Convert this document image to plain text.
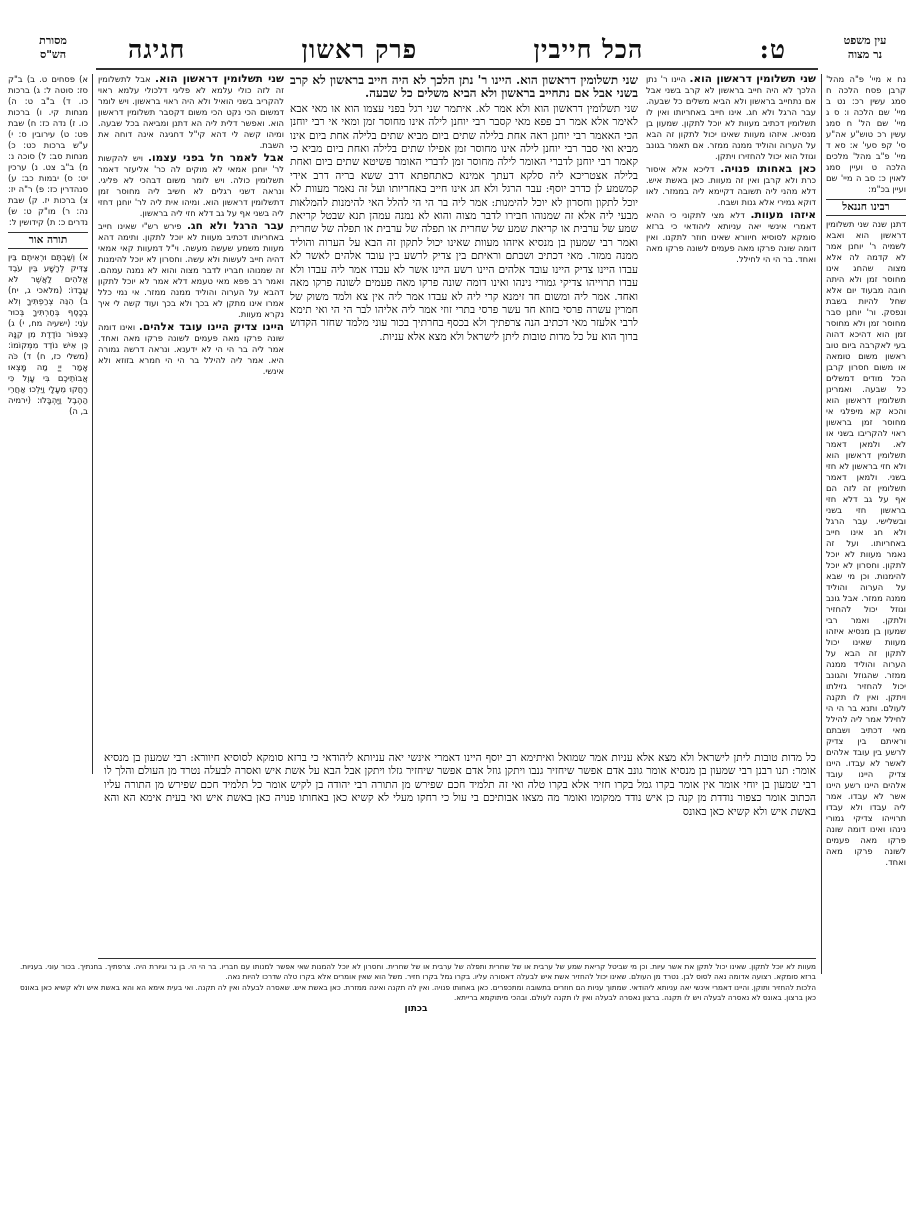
עין משפט
נר מצוה
ט:
הכל חייבין
פרק ראשון
חגיגה
מסורת
הש"ס
נח א מיי' פ"ה מהל' קרבן פסח הלכה ח סמג עשין רכ: נט ב מיי' שם הלכה ו: ס ג מיי' שם הל' ח סמג עשין רכ טוש"ע אה"ע סי' קפ סעי' א: סא ד מיי' פ"ב מהל' מלכים הלכה ט ועיין סמג לאוין כ: סב ה מיי' שם ועיין בכ"מ:
רבינו חננאל
דתנן שנה שני תשלומין דראשון הוא ואבא לשמיה ר' יוחנן אמר לא קדמה לה אלא מצוה שהחג אינו מחוסר זמן ולא היתה חובה מבעוד יום אלא שחל להיות בשבת ונפסק. ור' יוחנן סבר מחוסר זמן ולא מחוסר זמן הוא דהיכא דהוה בעי לאקרבה ביום טוב ראשון משום טומאה או משום חסרון קרבן הכל מודים דמשלים כל שבעה. ואמרינן תשלומין דראשון הוא והכא קא מיפלגי אי מחוסר זמן בראשון ראוי להקריבו בשני או לא. ולמאן דאמר תשלומין דראשון הוא ולא חזי בראשון לא חזי בשני. ולמאן דאמר תשלומין זה לזה הם אף על גב דלא חזי בראשון חזי בשני ובשלישי. עבר הרגל ולא חג אינו חייב באחריותו. ועל זה נאמר מעוות לא יוכל לתקון. וחסרון לא יוכל להימנות. וכן מי שבא על הערוה והוליד ממנה ממזר. אבל גונב וגוזל יכול להחזיר ולתקן. ואמר רבי שמעון בן מנסיא איזהו מעוות שאינו יכול לתקון זה הבא על הערוה והוליד ממנה ממזר. שהגוזל והגונב יכול להחזיר גזילתו ויתקן. ואין לו תקנה לעולם. ותנא בר הי הי לחילל אמר ליה להילל מאי דכתיב ושבתם וראיתם בין צדיק לרשע בין עובד אלהים לאשר לא עבדו. היינו צדיק היינו עובד אלהים היינו רשע היינו אשר לא עבדו. אמר ליה עבדו ולא עבדו תרוייהו צדיקי גמורי נינהו ואינו דומה שונה פרקו מאה פעמים לשונה פרקו מאה ואחד.

שני תשלומין דראשון הוא. היינו ר' נתן הלכך לא היה חייב בראשון לא קרב בשני אבל אם נתחייב בראשון ולא הביא משלים כל שבעה. עבר הרגל ולא חג. אינו חייב באחריותו ואין לו תשלומין דכתיב מעוות לא יוכל לתקון. שמעון בן מנסיא. איזהו מעוות שאינו יכול לתקון זה הבא על הערוה והוליד ממנה ממזר. אם תאמר בגונב וגוזל הוא יכול להחזירו ויתקן.

כאן באחותו פנויה. דליכא אלא איסור כרת ולא קרבן ואין זה מעוות. כאן באשת איש. דלא מהני ליה תשובה דקיימא ליה בממזר. לאו דוקא גמירי אלא גנות ושבח.

איזהו מעוות. דלא מצי לתקוני כי ההיא דאמרי אינשי יאה עניותא ליהודאי כי ברזא סומקא לסוסיא חיוורא שאינו חוזר לתקנו. ואין דומה שונה פרקו מאה פעמים לשונה פרקו מאה ואחד. בר הי הי לחילל.

שני תשלומין דראשון הוא. היינו ר' נתן הלכך לא היה חייב בראשון לא קרב בשני אבל אם נתחייב בראשון ולא הביא משלים כל שבעה.
שני תשלומין דראשון הוא ולא אמר לא. איתמר שני רגל בפני עצמו הוא או מאי אבא לאימר אלא אמר רב פפא מאי קסבר רבי יוחנן לילה אינו מחוסר זמן ומאי אי רבי יוחנן הכי האאמר רבי יוחנן ראה אחת בלילה שתים ביום מביא שתים בלילה אחת ביום אינו מביא ואי סבר רבי יוחנן לילה אינו מחוסר זמן אפילו שתים בלילה ואחת ביום מביא כי קאמר רבי יוחנן לדברי האומר לילה מחוסר זמן לדברי האומר פשיטא שתים ביום ואחת בלילה אצטריכא ליה סלקא דעתך אמינא כאתחפתא דרב ששא בריה דרב אידי קמשמע לן כדרב יוסף: עבר הרגל ולא חג אינו חייב באחריותו ועל זה נאמר מעוות לא יוכל לתקון וחסרון לא יוכל להימנות: אמר ליה בר הי הי להלל האי להימנות להמלאות מבעי ליה אלא זה שמנוהו חבירו לדבר מצוה והוא לא נמנה עמהן תנא שבטל קריאת שמע של ערבית או קריאת שמע של שחרית או תפלה של ערבית או תפלה של שחרית ואמר רבי שמעון בן מנסיא איזהו מעוות שאינו יכול לתקון זה הבא על הערוה והוליד ממנה ממזר. מאי דכתיב ושבתם וראיתם בין צדיק לרשע בין עובד אלהים לאשר לא עבדו היינו צדיק היינו עובד אלהים היינו רשע היינו אשר לא עבדו אמר ליה עבדו ולא עבדו תרוייהו צדיקי גמורי נינהו ואינו דומה שונה פרקו מאה פעמים לשונה פרקו מאה ואחד. אמר ליה ומשום חד זימנא קרי ליה לא עבדו אמר ליה אין צא ולמד משוק של חמרין עשרה פרסי בזוזא חד עשר פרסי בתרי זוזי אמר ליה אליהו לבר הי הי ואי תימא לרבי אלעזר מאי דכתיב הנה צרפתיך ולא בכסף בחרתיך בכור עוני מלמד שחזר הקדוש ברוך הוא על כל מדות טובות ליתן לישראל ולא מצא אלא עניות.
כל מדות טובות ליתן לישראל ולא מצא אלא עניות אמר שמואל ואיתימא רב יוסף היינו דאמרי אינשי יאה עניותא ליהודאי כי ברזא סומקא לסוסיא חיוורא: רבי שמעון בן מנסיא אומר: תנו רבנן רבי שמעון בן מנסיא אומר גונב אדם אפשר שיחזיר גנבו ויתקן גוזל אדם אפשר שיחזיר גזלו ויתקן אבל הבא על אשת איש ואסרה לבעלה נטרד מן העולם והלך לו רבי שמעון בן יוחי אומר אין אומר בקרו גמל בקרו חזיר אלא בקרו טלה ואי זה תלמיד חכם שפירש מן התורה רבי יהודה בן לקיש אומר כל תלמיד חכם שפירש מן התורה עליו הכתוב אומר כצפור נודדת מן קנה כן איש נודד ממקומו ואומר מה מצאו אבותיכם בי עול כי רחקו מעלי לא קשיא כאן באחותו פנויה כאן באשת איש ואי בעית אימא הא והא באשת איש ולא קשיא כאן באונס

שני תשלומין דראשון הוא. אבל לתשלומין זה לזה כולי עלמא לא פליגי דלכולי עלמא ראוי להקריב בשני הואיל ולא היה ראוי בראשון. ויש לומר דמשום הכי נקט הכי משום דקסבר תשלומין דראשון הוא. ואפשר דלית ליה הא דתנן ומביאה בכל שבעה. ומיהו קשה לי דהא קי"ל דחגיגה אינה דוחה את השבת.

אבל לאמר חל בפני עצמו. ויש להקשות לר' יוחנן אמאי לא מוקים לה כר' אליעזר דאמר תשלומין כולה. ויש לומר משום דבהכי לא פליגי. ונראה דשני רגלים לא חשיב ליה מחוסר זמן דתשלומין דראשון הוא. ומיהו אית ליה לר' יוחנן דחזי ליה בשני אף על גב דלא חזי ליה בראשון.

עבר הרגל ולא חג. פירש רש"י שאינו חייב באחריותו דכתיב מעוות לא יוכל לתקון. ותימה דהא מעוות משמע שעשה מעשה. וי"ל דמעוות קאי אמאי דהיה חייב לעשות ולא עשה. וחסרון לא יוכל להימנות זה שמנוהו חבריו לדבר מצוה והוא לא נמנה עמהם. ואמר רב פפא מאי טעמא דלא אמר לא יוכל לתקון דהבא על הערוה והוליד ממנה ממזר. אי נמי כלל אמרו אינו מתקן לא בכך ולא בכך ועוד קשה לי איך נקרא מעוות.

היינו צדיק היינו עובד אלהים. ואינו דומה שונה פרקו מאה פעמים לשונה פרקו מאה ואחד. אמר ליה בר הי הי לא ידענא. ונראה דרשה גמורה היא. אמר ליה להילל בר הי הי חמרא בזוזא ולא אינשי.

א) פסחים ט. ב) ב"ק סז: סוטה ל: ג) ברכות כו. ד) ב"ב ט: ה) מנחות קי. ו) ברכות כו. ז) נדה כז: ח) שבת פט: ט) עירובין ס: י) ע"ש ברכות כט: כ) מנחות סב: ל) סוכה נ: מ) ב"ב צט. נ) ערכין יט: ס) יבמות כב: ע) סנהדרין כז: פ) ר"ה יז: צ) ברכות יז. ק) שבת נה: ר) מו"ק ט: ש) נדרים כ: ת) קידושין ל:
תורה אור
א) וְשַׁבְתֶּם וּרְאִיתֶם בֵּין צַדִּיק לְרָשָׁע בֵּין עֹבֵד אֱלֹהִים לַאֲשֶׁר לֹא עֲבָדוֹ: (מלאכי ג, יח) ב) הִנֵּה צְרַפְתִּיךָ וְלֹא בְכָסֶף בְּחַרְתִּיךָ בְּכוּר עֹנִי: (ישעיה מח, י) ג) כְּצִפּוֹר נוֹדֶדֶת מִן קִנָּהּ כֵּן אִישׁ נוֹדֵד מִמְּקוֹמוֹ: (משלי כז, ח) ד) כֹּה אָמַר יְיָ מַה מָּצְאוּ אֲבוֹתֵיכֶם בִּי עָוֶל כִּי רָחֲקוּ מֵעָלָי וַיֵּלְכוּ אַחֲרֵי הַהֶבֶל וַיֶּהְבָּלוּ: (ירמיה ב, ה)

מעוות לא יוכל לתקון. שאינו יכול לתקן את אשר עיות. וכן מי שביטל קריאת שמע של ערבית או של שחרית ותפלה של ערבית או של שחרית. וחסרון לא יוכל להמנות שאי אפשר למנותו עם חבריו. בר הי הי. בן גר וגיורת היה. צרפתיך. בחנתיך. בכור עוני. בעניות. ברזא סומקא. רצועה אדומה נאה לסוס לבן. נטרד מן העולם. שאינו יכול להחזיר אשת איש לבעלה דאסורה עליו. בקרו גמל בקרו חזיר. משל הוא שאין אומרים אלא בקרו טלה שדרכו להיות נאה.

הלכות להחזיר ותוקן. והיינו דאמרי אינשי יאה עניותא ליהודאי. שמתוך עניות הם חוזרים בתשובה ומתכפרים. כאן באחותו פנויה. ואין לה תקנה ואינה ממזרת. כאן באשת איש. שאסרה לבעלה ואין לה תקנה. ואי בעית אימא הא והא באשת איש ולא קשיא כאן באונס כאן ברצון. באונס לא נאסרה לבעלה ויש לו תקנה. ברצון נאסרה לבעלה ואין לו תקנה לעולם. ובהכי מיתוקמא ברייתא.

בכתון
